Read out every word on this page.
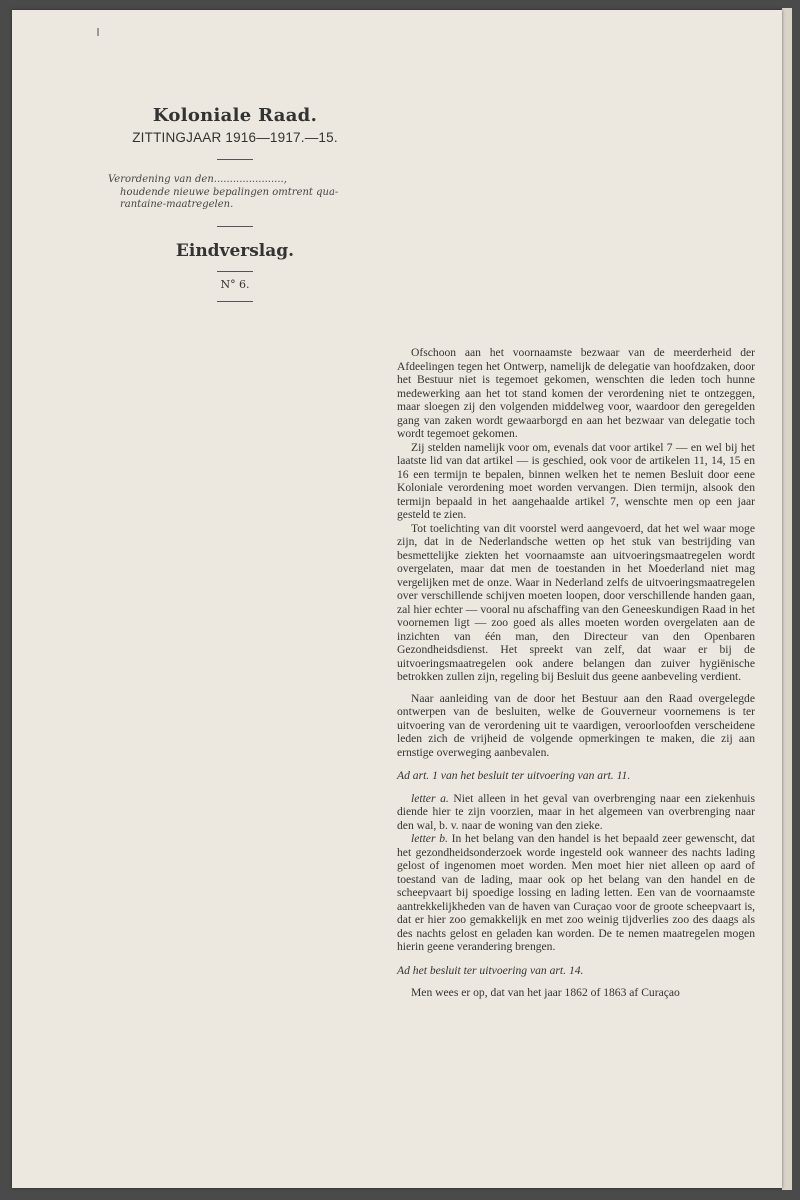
Koloniale Raad.
ZITTINGJAAR 1916—1917.—15.
Verordening van den......................,
houdende nieuwe bepalingen omtrent qua-
rantaine-maatregelen.
Eindverslag.
N° 6.

Ofschoon aan het voornaamste bezwaar van de meerderheid der Afdeelingen tegen het Ontwerp, namelijk de delegatie van hoofdzaken, door het Bestuur niet is tegemoet gekomen, wenschten die leden toch hunne medewerking aan het tot stand komen der verordening niet te ontzeggen, maar sloegen zij den volgenden middelweg voor, waardoor den geregelden gang van zaken wordt gewaarborgd en aan het bezwaar van delegatie toch wordt tegemoet gekomen.

Zij stelden namelijk voor om, evenals dat voor artikel 7 — en wel bij het laatste lid van dat artikel — is geschied, ook voor de artikelen 11, 14, 15 en 16 een termijn te bepalen, binnen welken het te nemen Besluit door eene Koloniale verordening moet worden vervangen. Dien termijn, alsook den termijn bepaald in het aangehaalde artikel 7, wenschte men op een jaar gesteld te zien.

Tot toelichting van dit voorstel werd aangevoerd, dat het wel waar moge zijn, dat in de Nederlandsche wetten op het stuk van bestrijding van besmettelijke ziekten het voornaamste aan uitvoeringsmaatregelen wordt overgelaten, maar dat men de toestanden in het Moederland niet mag vergelijken met de onze. Waar in Nederland zelfs de uitvoeringsmaatregelen over verschillende schijven moeten loopen, door verschillende handen gaan, zal hier echter — vooral nu afschaffing van den Geneeskundigen Raad in het voornemen ligt — zoo goed als alles moeten worden overgelaten aan de inzichten van één man, den Directeur van den Openbaren Gezondheidsdienst. Het spreekt van zelf, dat waar er bij de uitvoeringsmaatregelen ook andere belangen dan zuiver hygiënische betrokken zullen zijn, regeling bij Besluit dus geene aanbeveling verdient.

Naar aanleiding van de door het Bestuur aan den Raad overgelegde ontwerpen van de besluiten, welke de Gouverneur voornemens is ter uitvoering van de verordening uit te vaardigen, veroorloofden verscheidene leden zich de vrijheid de volgende opmerkingen te maken, die zij aan ernstige overweging aanbevalen.

Ad art. 1 van het besluit ter uitvoering van art. 11.

letter a. Niet alleen in het geval van overbrenging naar een ziekenhuis diende hier te zijn voorzien, maar in het algemeen van overbrenging naar den wal, b. v. naar de woning van den zieke.

letter b. In het belang van den handel is het bepaald zeer gewenscht, dat het gezondheidsonderzoek worde ingesteld ook wanneer des nachts lading gelost of ingenomen moet worden. Men moet hier niet alleen op aard of toestand van de lading, maar ook op het belang van den handel en de scheepvaart bij spoedige lossing en lading letten. Een van de voornaamste aantrekkelijkheden van de haven van Curaçao voor de groote scheepvaart is, dat er hier zoo gemakkelijk en met zoo weinig tijdverlies zoo des daags als des nachts gelost en geladen kan worden. De te nemen maatregelen mogen hierin geene verandering brengen.

Ad het besluit ter uitvoering van art. 14.

Men wees er op, dat van het jaar 1862 of 1863 af Curaçao
